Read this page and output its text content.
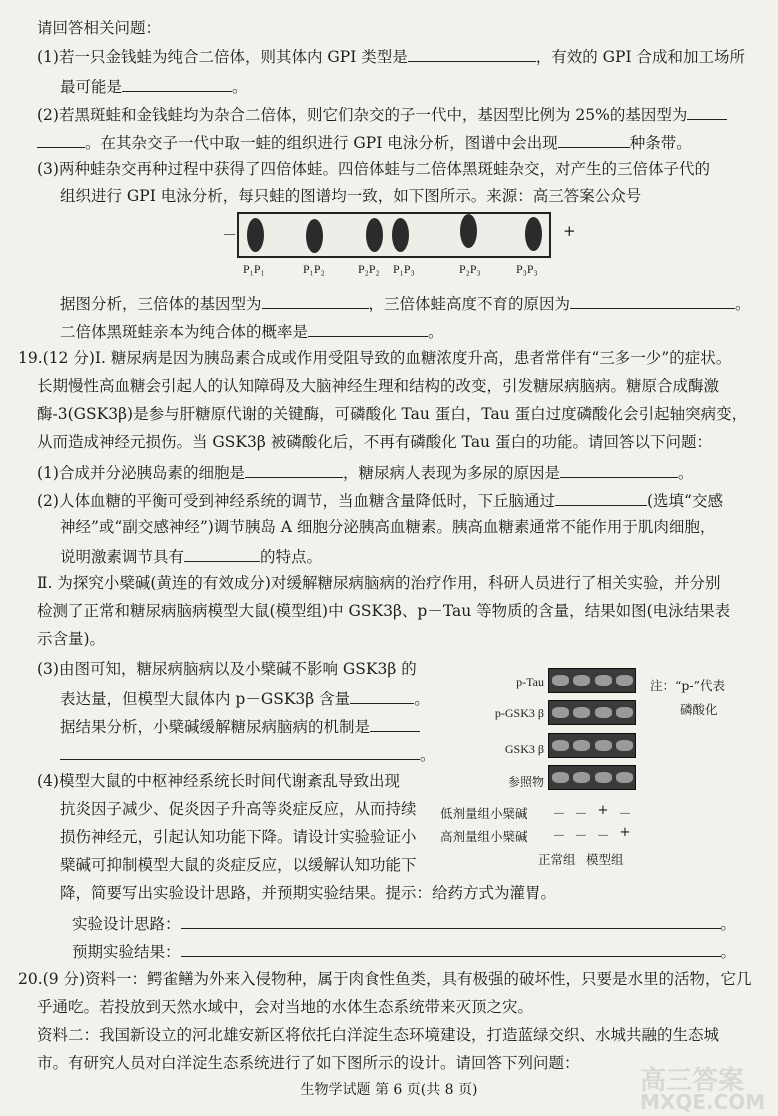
请回答相关问题：
(1)若一只金钱蛙为纯合二倍体，则其体内 GPI 类型是	，有效的 GPI 合成和加工场所
最可能是	。
(2)若黑斑蛙和金钱蛙均为杂合二倍体，则它们杂交的子一代中，基因型比例为 25%的基因型为
。在其杂交子一代中取一蛙的组织进行 GPI 电泳分析，图谱中会出现	种条带。
(3)两种蛙杂交再种过程中获得了四倍体蛙。四倍体蛙与二倍体黑斑蛙杂交，对产生的三倍体子代的
组织进行 GPI 电泳分析，每只蛙的图谱均一致，如下图所示。来源：高三答案公众号
－	+
P₁P₁	P₁P₂	P₂P₂ P₁P₃	P₂P₃	P₃P₃
据图分析，三倍体的基因型为	，三倍体蛙高度不育的原因为	。
二倍体黑斑蛙亲本为纯合体的概率是	。
19.(12 分)Ⅰ. 糖尿病是因为胰岛素合成或作用受阻导致的血糖浓度升高，患者常伴有“三多一少”的症状。
长期慢性高血糖会引起人的认知障碍及大脑神经生理和结构的改变，引发糖尿病脑病。糖原合成酶激
酶-3(GSK3β)是参与肝糖原代谢的关键酶，可磷酸化 Tau 蛋白，Tau 蛋白过度磷酸化会引起轴突病变，
从而造成神经元损伤。当 GSK3β 被磷酸化后，不再有磷酸化 Tau 蛋白的功能。请回答以下问题：
(1)合成并分泌胰岛素的细胞是	，糖尿病人表现为多尿的原因是	。
(2)人体血糖的平衡可受到神经系统的调节，当血糖含量降低时，下丘脑通过	(选填“交感
神经”或“副交感神经”)调节胰岛 A 细胞分泌胰高血糖素。胰高血糖素通常不能作用于肌肉细胞，
说明激素调节具有	的特点。
Ⅱ. 为探究小檗碱(黄连的有效成分)对缓解糖尿病脑病的治疗作用，科研人员进行了相关实验，并分别
检测了正常和糖尿病脑病模型大鼠(模型组)中 GSK3β、p－Tau 等物质的含量，结果如图(电泳结果表
示含量)。
(3)由图可知，糖尿病脑病以及小檗碱不影响 GSK3β 的
表达量，但模型大鼠体内 p－GSK3β 含量	。
据结果分析，小檗碱缓解糖尿病脑病的机制是
。
(4)模型大鼠的中枢神经系统长时间代谢紊乱导致出现
抗炎因子减少、促炎因子升高等炎症反应，从而持续
损伤神经元，引起认知功能下降。请设计实验验证小
檗碱可抑制模型大鼠的炎症反应，以缓解认知功能下
降，简要写出实验设计思路，并预期实验结果。提示：给药方式为灌胃。
实验设计思路：	。
预期实验结果：	。
p-Tau
p-GSK3 β
GSK3 β
参照物
注：“p-”代表
磷酸化
低剂量组小檗碱	－ － + －
高剂量组小檗碱	－ － － +
正常组 模型组
20.(9 分)资料一：鳄雀鳝为外来入侵物种，属于肉食性鱼类，具有极强的破坏性，只要是水里的活物，它几
乎通吃。若投放到天然水域中，会对当地的水体生态系统带来灭顶之灾。
资料二：我国新设立的河北雄安新区将依托白洋淀生态环境建设，打造蓝绿交织、水城共融的生态城
市。有研究人员对白洋淀生态系统进行了如下图所示的设计。请回答下列问题：
生物学试题 第 6 页(共 8 页)	高三答案
MXQE.COM
